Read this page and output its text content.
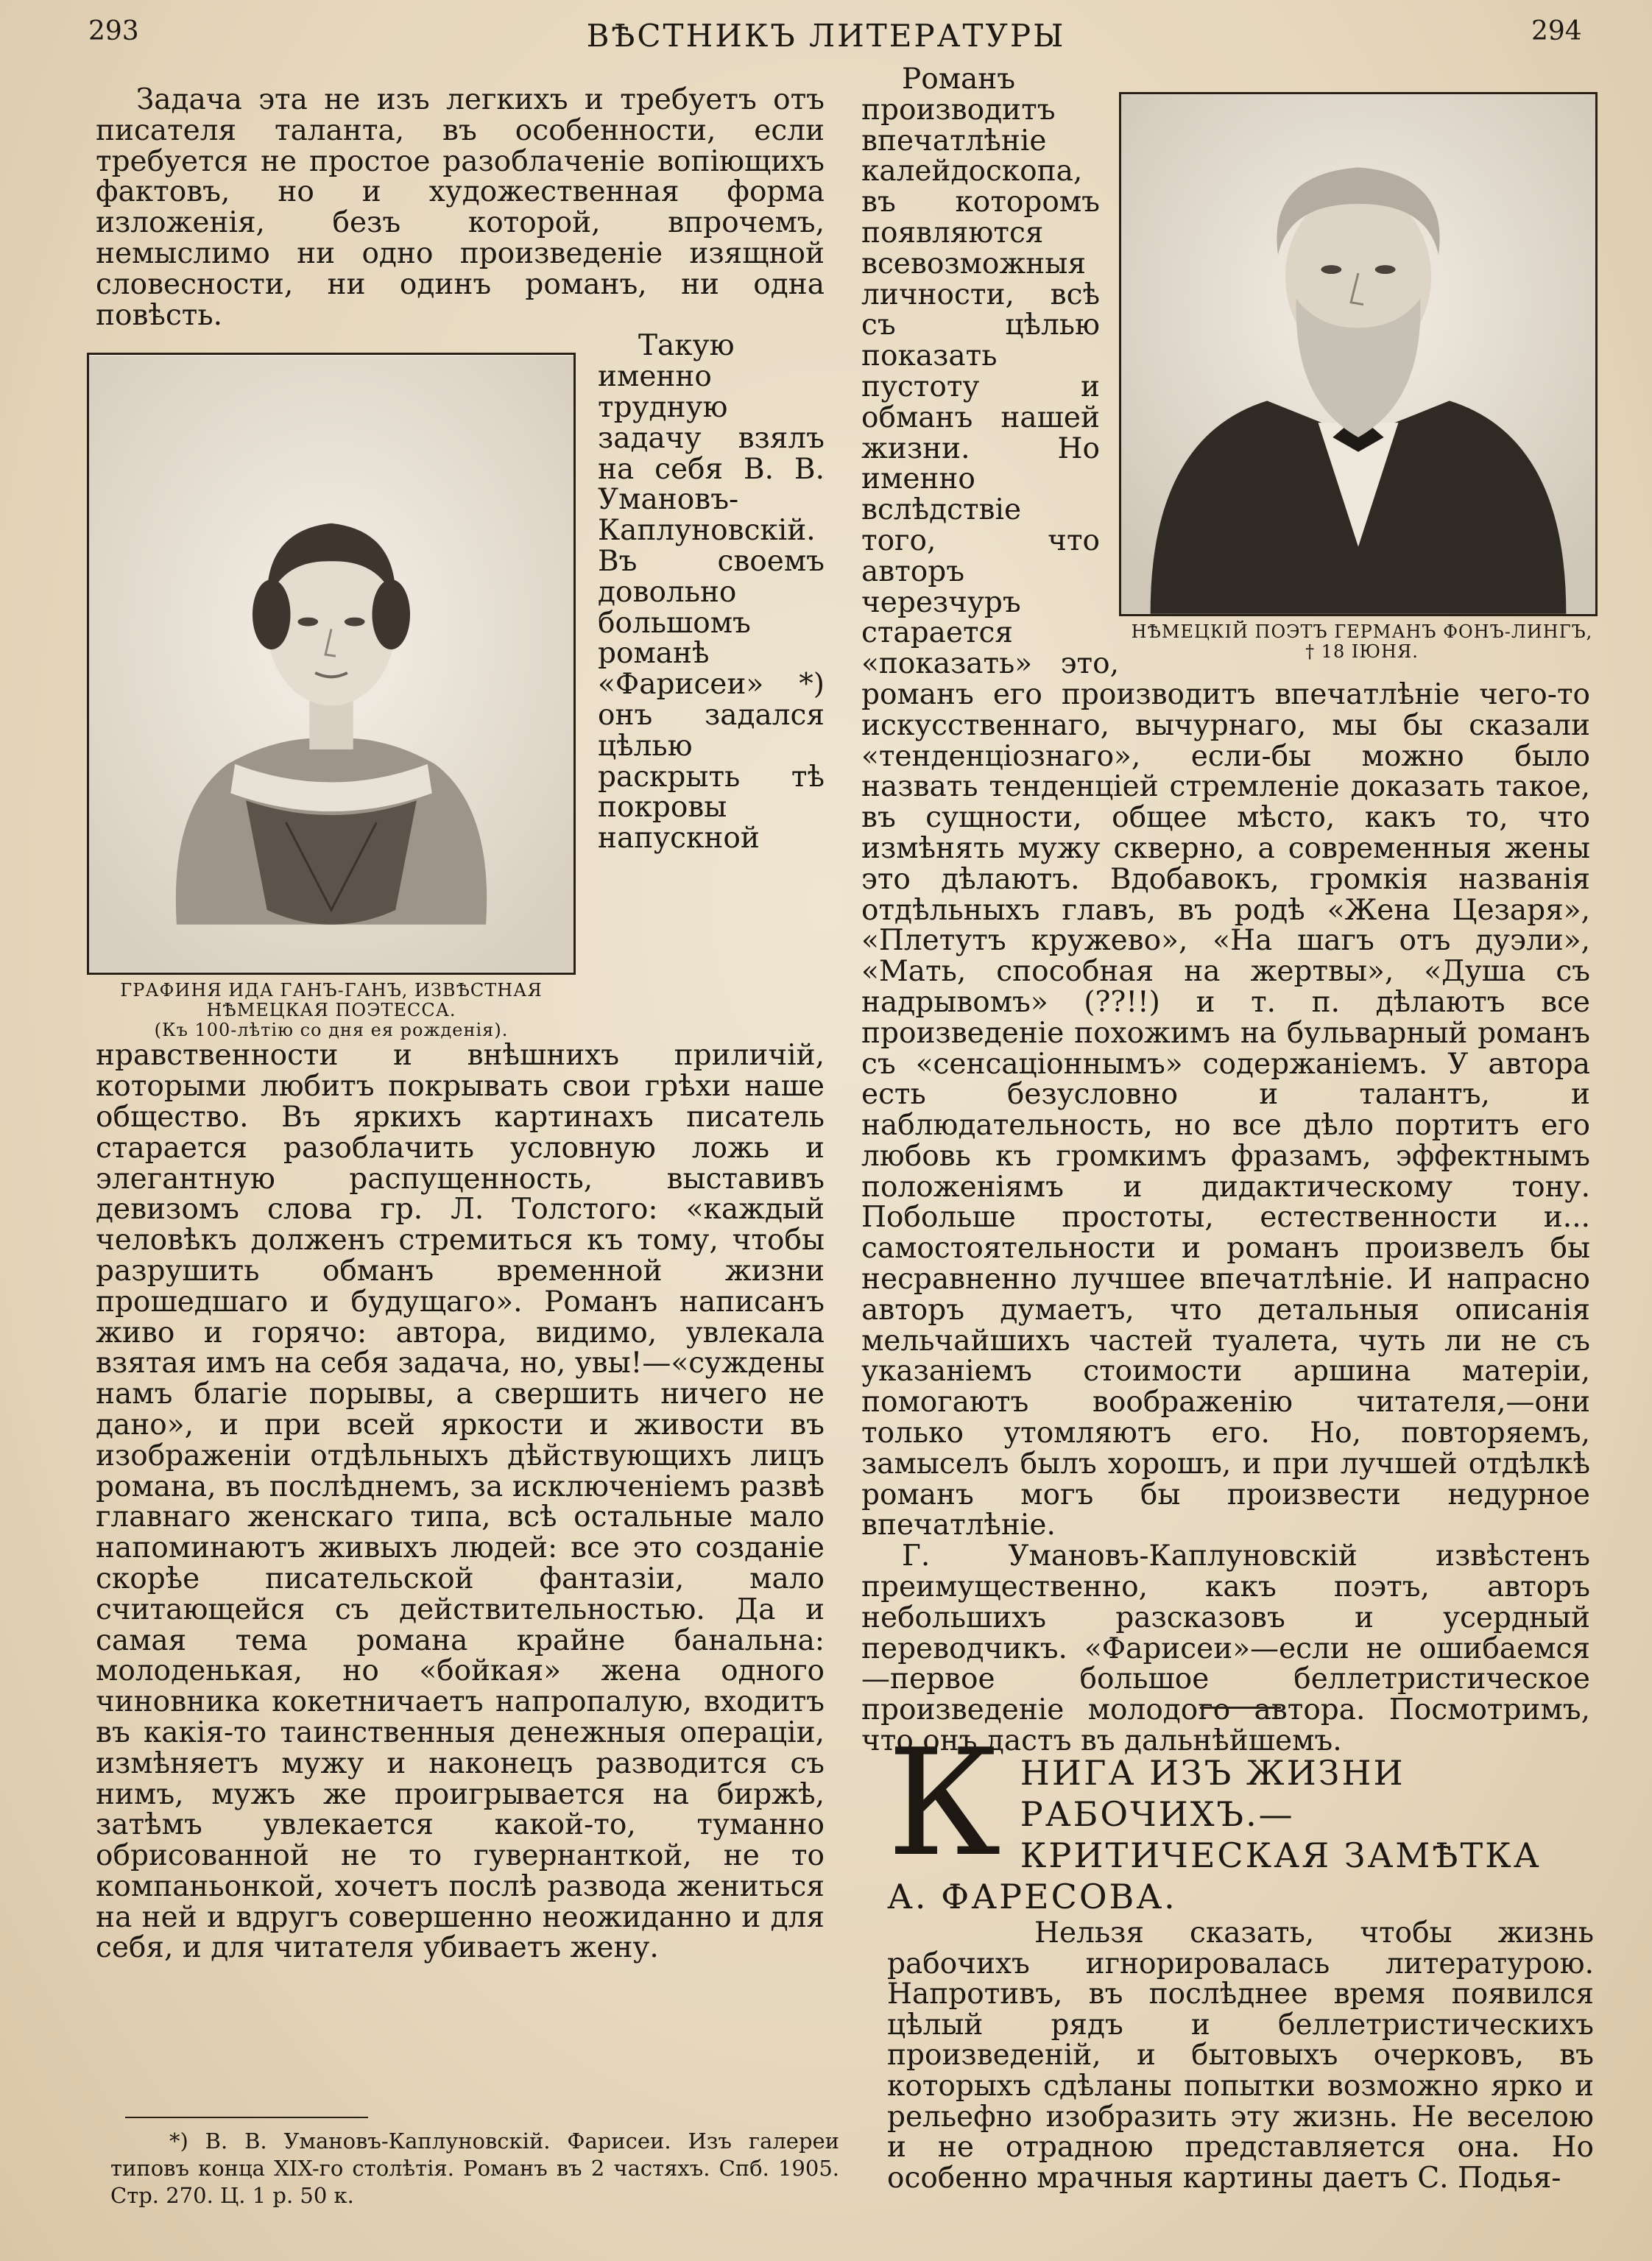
293	ВѢСТНИКЪ ЛИТЕРАТУРЫ	294

Задача эта не изъ легкихъ и требуетъ отъ писателя таланта, въ особенности, если требуется не простое разоблаченіе вопіющихъ фактовъ, но и художественная форма изложенія, безъ которой, впрочемъ, немыслимо ни одно произведеніе изящной словесности, ни одинъ романъ, ни одна повѣсть.

ГРАФИНЯ ИДА ГАНЪ-ГАНЪ, ИЗВѢСТНАЯ
НѢМЕЦКАЯ ПОЭТЕССА.
(Къ 100-лѣтію со дня ея рожденія).

Такую именно трудную задачу взялъ на себя В. В. Умановъ-Каплуновскій. Въ своемъ довольно большомъ романѣ «Фарисеи» *) онъ задался цѣлью раскрыть тѣ покровы напускной нравственности и внѣшнихъ приличій, которыми любитъ покрывать свои грѣхи наше общество. Въ яркихъ картинахъ писатель старается разоблачить условную ложь и элегантную распущенность, выставивъ девизомъ слова гр. Л. Толстого: «каждый человѣкъ долженъ стремиться къ тому, чтобы разрушить обманъ временной жизни прошедшаго и будущаго». Романъ написанъ живо и горячо: автора, видимо, увлекала взятая имъ на себя задача, но, увы!—«суждены намъ благіе порывы, а свершить ничего не дано», и при всей яркости и живости въ изображеніи отдѣльныхъ дѣйствующихъ лицъ романа, въ послѣднемъ, за исключеніемъ развѣ главнаго женскаго типа, всѣ остальные мало напоминаютъ живыхъ людей: все это созданіе скорѣе писательской фантазіи, мало считающейся съ действительностью. Да и самая тема романа крайне банальна: молоденькая, но «бойкая» жена одного чиновника кокетничаетъ напропалую, входитъ въ какія-то таинственныя денежныя операціи, измѣняетъ мужу и наконецъ разводится съ нимъ, мужъ же проигрывается на биржѣ, затѣмъ увлекается какой-то, туманно обрисованной не то гувернанткой, не то компаньонкой, хочетъ послѣ развода жениться на ней и вдругъ совершенно неожиданно и для себя, и для читателя убиваетъ жену.

НѢМЕЦКІЙ ПОЭТЪ ГЕРМАНЪ ФОНЪ-ЛИНГЪ,
† 18 ІЮНЯ.

Романъ производитъ впечатлѣніе калейдоскопа, въ которомъ появляются всевозможныя личности, всѣ съ цѣлью показать пустоту и обманъ нашей жизни. Но именно вслѣдствіе того, что авторъ черезчуръ старается «показать» это, романъ его производитъ впечатлѣніе чего-то искусственнаго, вычурнаго, мы бы сказали «тенденціознаго», если-бы можно было назвать тенденціей стремленіе доказать такое, въ сущности, общее мѣсто, какъ то, что измѣнять мужу скверно, а современныя жены это дѣлаютъ. Вдобавокъ, громкія названія отдѣльныхъ главъ, въ родѣ «Жена Цезаря», «Плетутъ кружево», «На шагъ отъ дуэли», «Мать, способная на жертвы», «Душа съ надрывомъ» (??!!) и т. п. дѣлаютъ все произведеніе похожимъ на бульварный романъ съ «сенсаціоннымъ» содержаніемъ. У автора есть безусловно и талантъ, и наблюдательность, но все дѣло портитъ его любовь къ громкимъ фразамъ, эффектнымъ положеніямъ и дидактическому тону. Побольше простоты, естественности и... самостоятельности и романъ произвелъ бы несравненно лучшее впечатлѣніе. И напрасно авторъ думаетъ, что детальныя описанія мельчайшихъ частей туалета, чуть ли не съ указаніемъ стоимости аршина матеріи, помогаютъ воображенію читателя,—они только утомляютъ его. Но, повторяемъ, замыселъ былъ хорошъ, и при лучшей отдѣлкѣ романъ могъ бы произвести недурное впечатлѣніе.

Г. Умановъ-Каплуновскій извѣстенъ преимущественно, какъ поэтъ, авторъ небольшихъ разсказовъ и усердный переводчикъ. «Фарисеи»—если не ошибаемся—первое большое беллетристическое произведеніе молодого автора. Посмотримъ, что онъ дастъ въ дальнѣйшемъ.

*) В. В. Умановъ-Каплуновскій. Фарисеи. Изъ галереи типовъ конца XIX-го столѣтія. Романъ въ 2 частяхъ. Спб. 1905. Стр. 270. Ц. 1 р. 50 к.
К НИГА ИЗЪ ЖИЗНИ РАБОЧИХЪ.— КРИТИЧЕСКАЯ ЗАМѢТКА А. ФАРЕСОВА.

Нельзя сказать, чтобы жизнь рабочихъ игнорировалась литературою. Напротивъ, въ послѣднее время появился цѣлый рядъ и беллетристическихъ произведеній, и бытовыхъ очерковъ, въ которыхъ сдѣланы попытки возможно ярко и рельефно изобразить эту жизнь. Не веселою и не отрадною представляется она. Но особенно мрачныя картины даетъ С. Подья-
